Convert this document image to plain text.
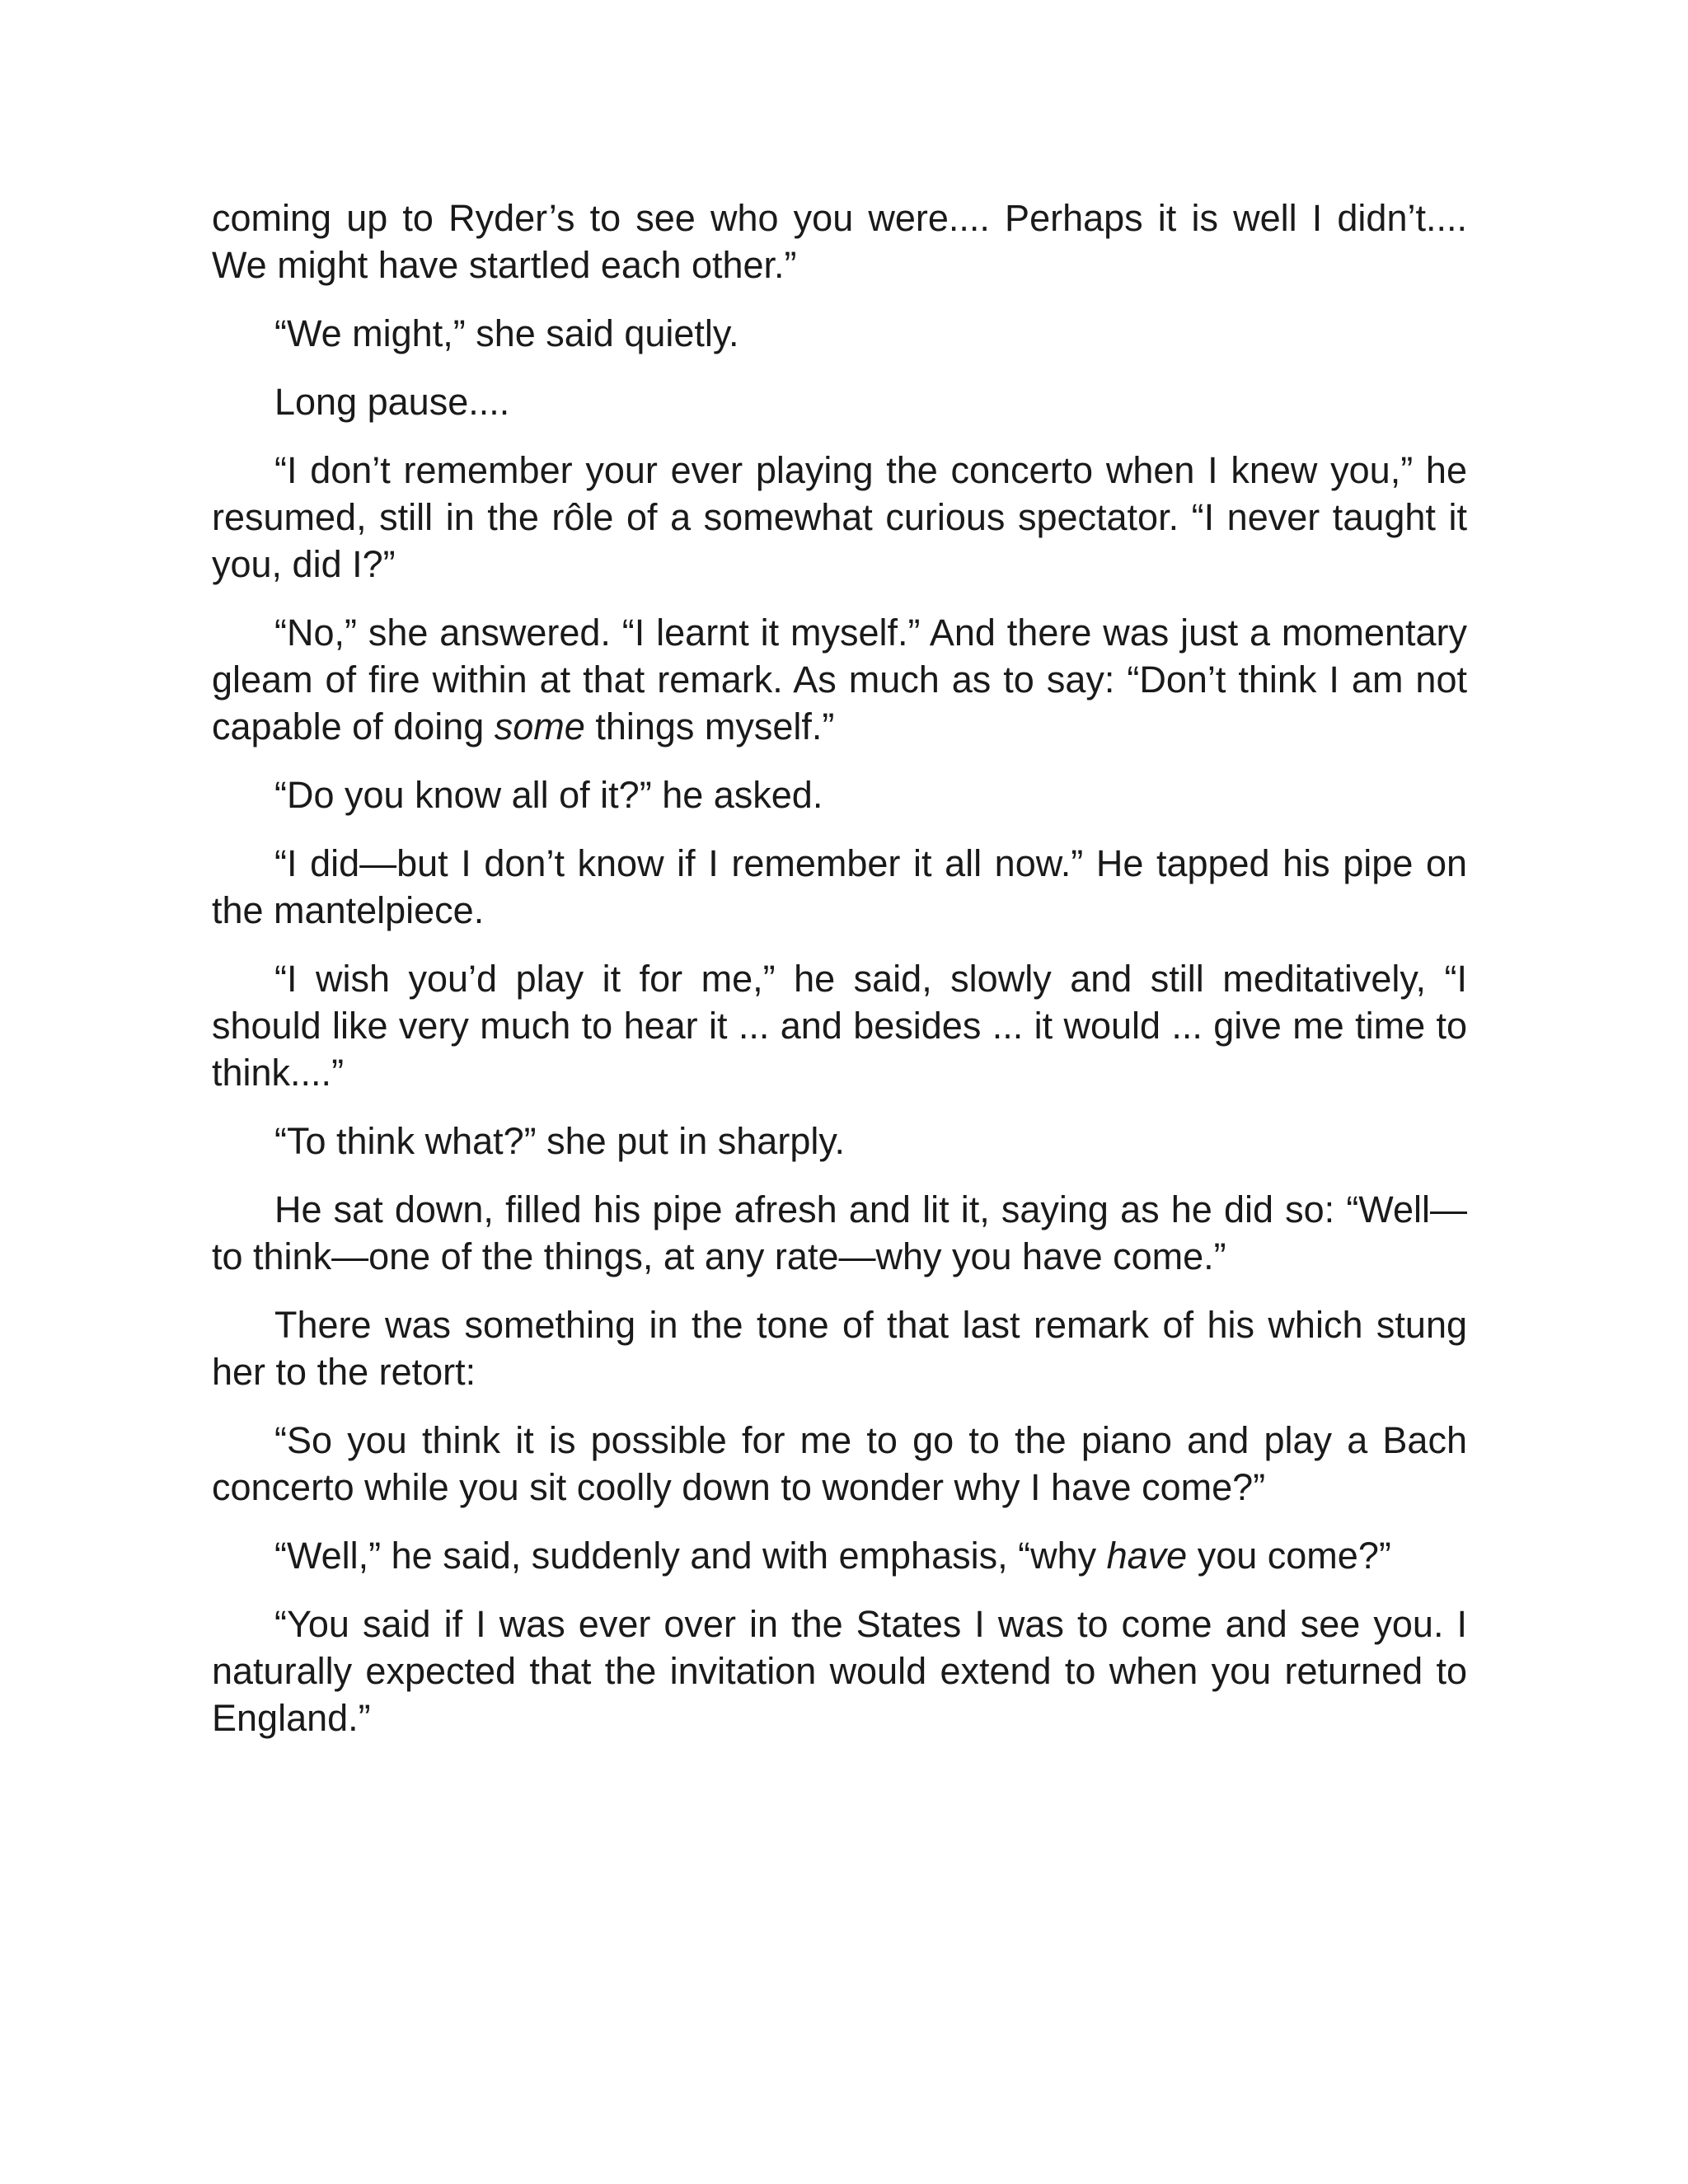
coming up to Ryder’s to see who you were.... Perhaps it is well I didn’t.... We might have startled each other.”

“We might,” she said quietly.

Long pause....

“I don’t remember your ever playing the concerto when I knew you,” he resumed, still in the rôle of a somewhat curious spectator. “I never taught it you, did I?”

“No,” she answered. “I learnt it myself.” And there was just a momentary gleam of fire within at that remark. As much as to say: “Don’t think I am not capable of doing some things myself.”

“Do you know all of it?” he asked.

“I did—but I don’t know if I remember it all now.” He tapped his pipe on the mantelpiece.

“I wish you’d play it for me,” he said, slowly and still meditatively, “I should like very much to hear it ... and besides ... it would ... give me time to think....”

“To think what?” she put in sharply.

He sat down, filled his pipe afresh and lit it, saying as he did so: “Well—to think—one of the things, at any rate—why you have come.”

There was something in the tone of that last remark of his which stung her to the retort:

“So you think it is possible for me to go to the piano and play a Bach concerto while you sit coolly down to wonder why I have come?”

“Well,” he said, suddenly and with emphasis, “why have you come?”

“You said if I was ever over in the States I was to come and see you. I naturally expected that the invitation would extend to when you returned to England.”
